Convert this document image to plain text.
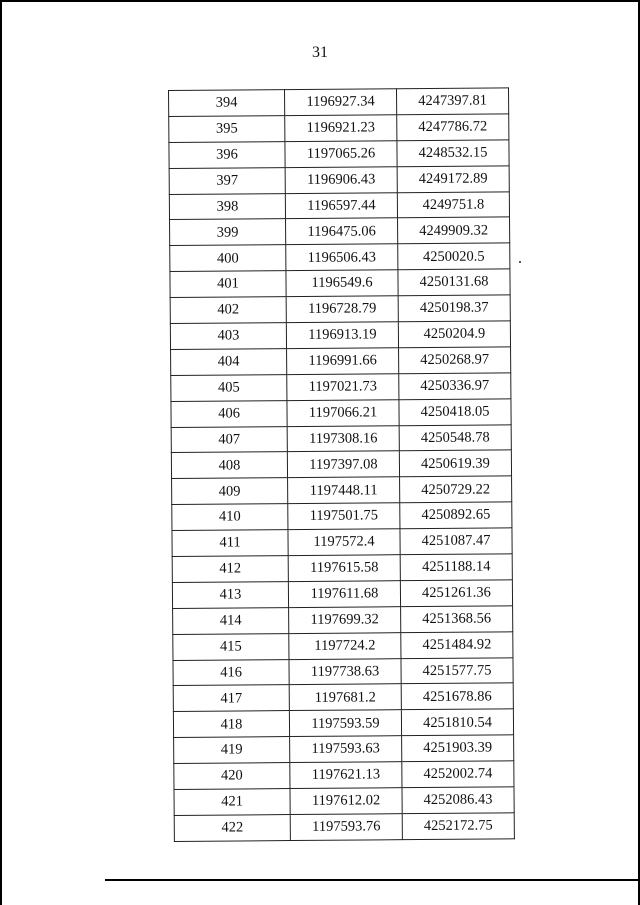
31
394	1196927.34	4247397.81
395	1196921.23	4247786.72
396	1197065.26	4248532.15
397	1196906.43	4249172.89
398	1196597.44	4249751.8
399	1196475.06	4249909.32
400	1196506.43	4250020.5
401	1196549.6	4250131.68
402	1196728.79	4250198.37
403	1196913.19	4250204.9
404	1196991.66	4250268.97
405	1197021.73	4250336.97
406	1197066.21	4250418.05
407	1197308.16	4250548.78
408	1197397.08	4250619.39
409	1197448.11	4250729.22
410	1197501.75	4250892.65
411	1197572.4	4251087.47
412	1197615.58	4251188.14
413	1197611.68	4251261.36
414	1197699.32	4251368.56
415	1197724.2	4251484.92
416	1197738.63	4251577.75
417	1197681.2	4251678.86
418	1197593.59	4251810.54
419	1197593.63	4251903.39
420	1197621.13	4252002.74
421	1197612.02	4252086.43
422	1197593.76	4252172.75
